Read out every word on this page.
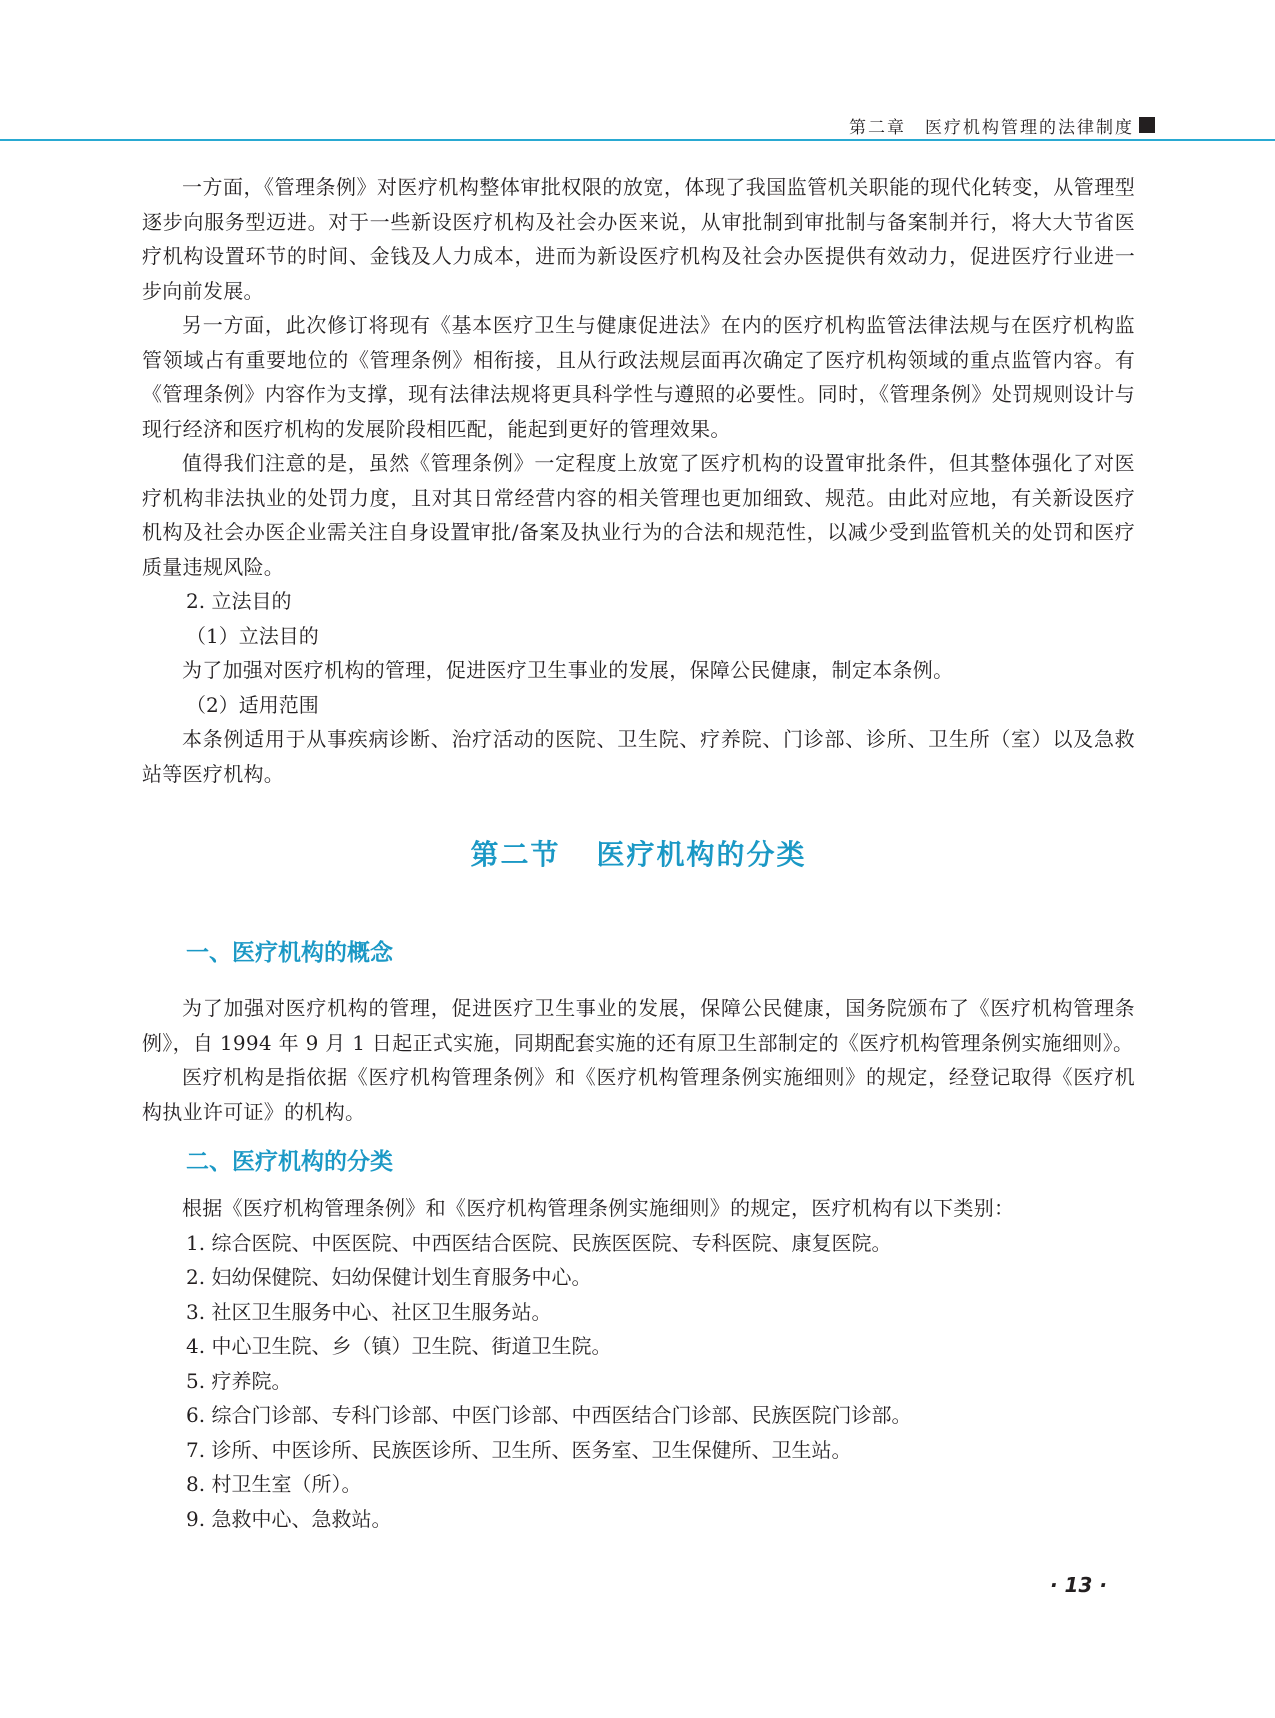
第二章　医疗机构管理的法律制度

一方面，《管理条例》对医疗机构整体审批权限的放宽，体现了我国监管机关职能的现代化转变，从管理型逐步向服务型迈进。对于一些新设医疗机构及社会办医来说，从审批制到审批制与备案制并行，将大大节省医疗机构设置环节的时间、金钱及人力成本，进而为新设医疗机构及社会办医提供有效动力，促进医疗行业进一步向前发展。

另一方面，此次修订将现有《基本医疗卫生与健康促进法》在内的医疗机构监管法律法规与在医疗机构监管领域占有重要地位的《管理条例》相衔接，且从行政法规层面再次确定了医疗机构领域的重点监管内容。有《管理条例》内容作为支撑，现有法律法规将更具科学性与遵照的必要性。同时，《管理条例》处罚规则设计与现行经济和医疗机构的发展阶段相匹配，能起到更好的管理效果。

值得我们注意的是，虽然《管理条例》一定程度上放宽了医疗机构的设置审批条件，但其整体强化了对医疗机构非法执业的处罚力度，且对其日常经营内容的相关管理也更加细致、规范。由此对应地，有关新设医疗机构及社会办医企业需关注自身设置审批/备案及执业行为的合法和规范性，以减少受到监管机关的处罚和医疗质量违规风险。

2. 立法目的

（1）立法目的

为了加强对医疗机构的管理，促进医疗卫生事业的发展，保障公民健康，制定本条例。

（2）适用范围

本条例适用于从事疾病诊断、治疗活动的医院、卫生院、疗养院、门诊部、诊所、卫生所（室）以及急救站等医疗机构。

第二节 医疗机构的分类
一、医疗机构的概念

为了加强对医疗机构的管理，促进医疗卫生事业的发展，保障公民健康，国务院颁布了《医疗机构管理条例》，自 1994 年 9 月 1 日起正式实施，同期配套实施的还有原卫生部制定的《医疗机构管理条例实施细则》。

医疗机构是指依据《医疗机构管理条例》和《医疗机构管理条例实施细则》的规定，经登记取得《医疗机构执业许可证》的机构。

二、医疗机构的分类

根据《医疗机构管理条例》和《医疗机构管理条例实施细则》的规定，医疗机构有以下类别：

1. 综合医院、中医医院、中西医结合医院、民族医医院、专科医院、康复医院。

2. 妇幼保健院、妇幼保健计划生育服务中心。

3. 社区卫生服务中心、社区卫生服务站。

4. 中心卫生院、乡（镇）卫生院、街道卫生院。

5. 疗养院。

6. 综合门诊部、专科门诊部、中医门诊部、中西医结合门诊部、民族医院门诊部。

7. 诊所、中医诊所、民族医诊所、卫生所、医务室、卫生保健所、卫生站。

8. 村卫生室（所）。

9. 急救中心、急救站。

· 13 ·
